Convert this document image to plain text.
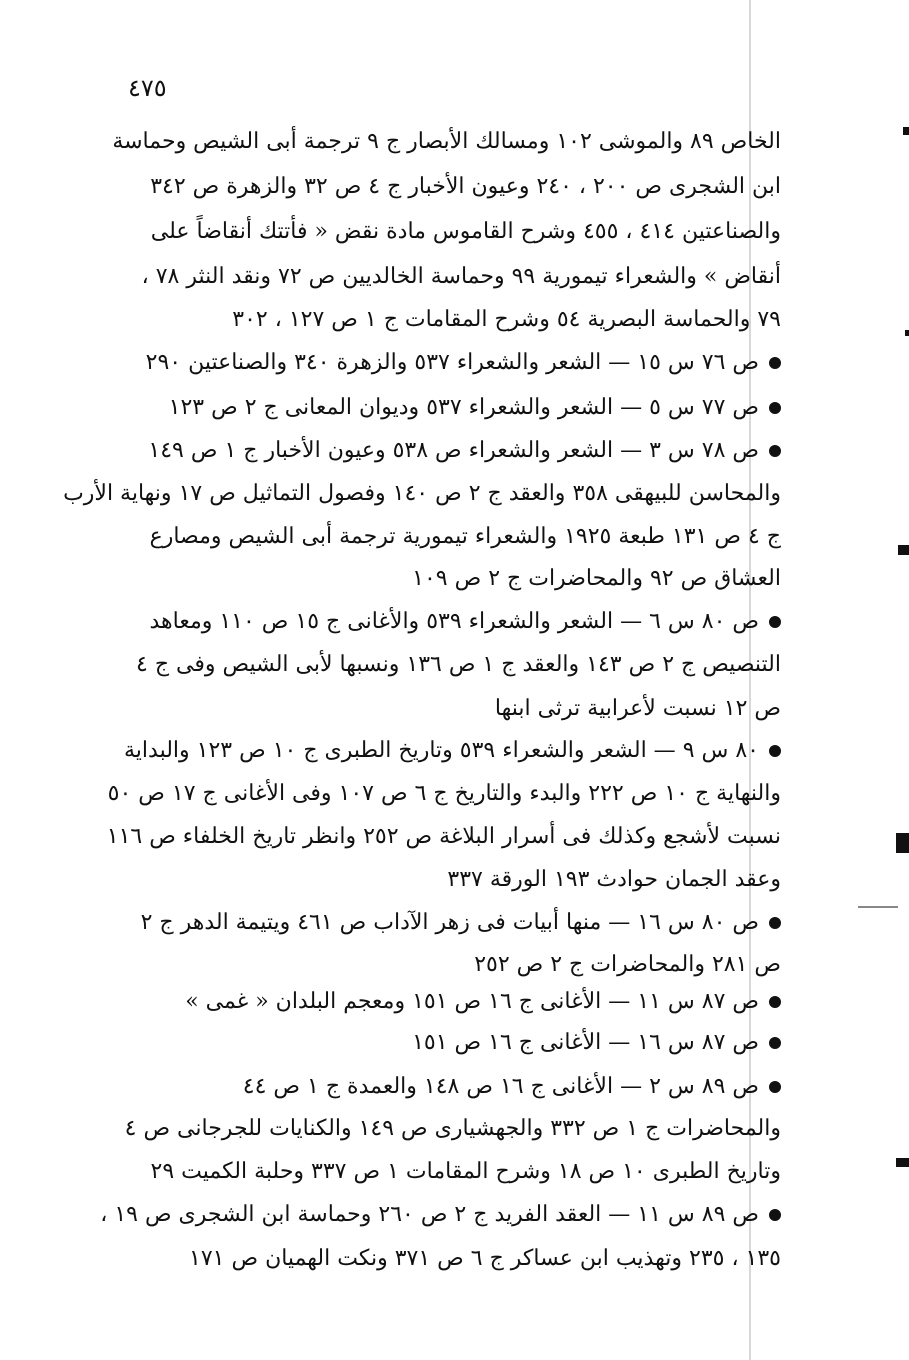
٤٧٥
الخاص ٨٩ والموشى ١٠٢ ومسالك الأبصار ج ٩ ترجمة أبى الشيص وحماسة
ابن الشجرى ص ٢٠٠ ، ٢٤٠ وعيون الأخبار ج ٤ ص ٣٢ والزهرة ص ٣٤٢
والصناعتين ٤١٤ ، ٤٥٥ وشرح القاموس مادة نقض « فأتتك أنقاضاً على
أنقاض » والشعراء تيمورية ٩٩ وحماسة الخالديين ص ٧٢ ونقد النثر ٧٨ ،
٧٩ والحماسة البصرية ٥٤ وشرح المقامات ج ١ ص ١٢٧ ، ٣٠٢
ص ٧٦ س ١٥ — الشعر والشعراء ٥٣٧ والزهرة ٣٤٠ والصناعتين ٢٩٠
ص ٧٧ س ٥ — الشعر والشعراء ٥٣٧ وديوان المعانى ج ٢ ص ١٢٣
ص ٧٨ س ٣ — الشعر والشعراء ص ٥٣٨ وعيون الأخبار ج ١ ص ١٤٩
والمحاسن للبيهقى ٣٥٨ والعقد ج ٢ ص ١٤٠ وفصول التماثيل ص ١٧ ونهاية الأرب
ج ٤ ص ١٣١ طبعة ١٩٢٥ والشعراء تيمورية ترجمة أبى الشيص ومصارع
العشاق ص ٩٢ والمحاضرات ج ٢ ص ١٠٩
ص ٨٠ س ٦ — الشعر والشعراء ٥٣٩ والأغانى ج ١٥ ص ١١٠ ومعاهد
التنصيص ج ٢ ص ١٤٣ والعقد ج ١ ص ١٣٦ ونسبها لأبى الشيص وفى ج ٤
ص ١٢ نسبت لأعرابية ترثى ابنها
٨٠ س ٩ — الشعر والشعراء ٥٣٩ وتاريخ الطبرى ج ١٠ ص ١٢٣ والبداية
والنهاية ج ١٠ ص ٢٢٢ والبدء والتاريخ ج ٦ ص ١٠٧ وفى الأغانى ج ١٧ ص ٥٠
نسبت لأشجع وكذلك فى أسرار البلاغة ص ٢٥٢ وانظر تاريخ الخلفاء ص ١١٦
وعقد الجمان حوادث ١٩٣ الورقة ٣٣٧
ص ٨٠ س ١٦ — منها أبيات فى زهر الآداب ص ٤٦١ ويتيمة الدهر ج ٢
ص ٢٨١ والمحاضرات ج ٢ ص ٢٥٢
ص ٨٧ س ١١ — الأغانى ج ١٦ ص ١٥١ ومعجم البلدان « غمى »
ص ٨٧ س ١٦ — الأغانى ج ١٦ ص ١٥١
ص ٨٩ س ٢ — الأغانى ج ١٦ ص ١٤٨ والعمدة ج ١ ص ٤٤
والمحاضرات ج ١ ص ٣٣٢ والجهشيارى ص ١٤٩ والكنايات للجرجانى ص ٤
وتاريخ الطبرى ١٠ ص ١٨ وشرح المقامات ١ ص ٣٣٧ وحلبة الكميت ٢٩
ص ٨٩ س ١١ — العقد الفريد ج ٢ ص ٢٦٠ وحماسة ابن الشجرى ص ١٩ ،
١٣٥ ، ٢٣٥ وتهذيب ابن عساكر ج ٦ ص ٣٧١ ونكت الهميان ص ١٧١
